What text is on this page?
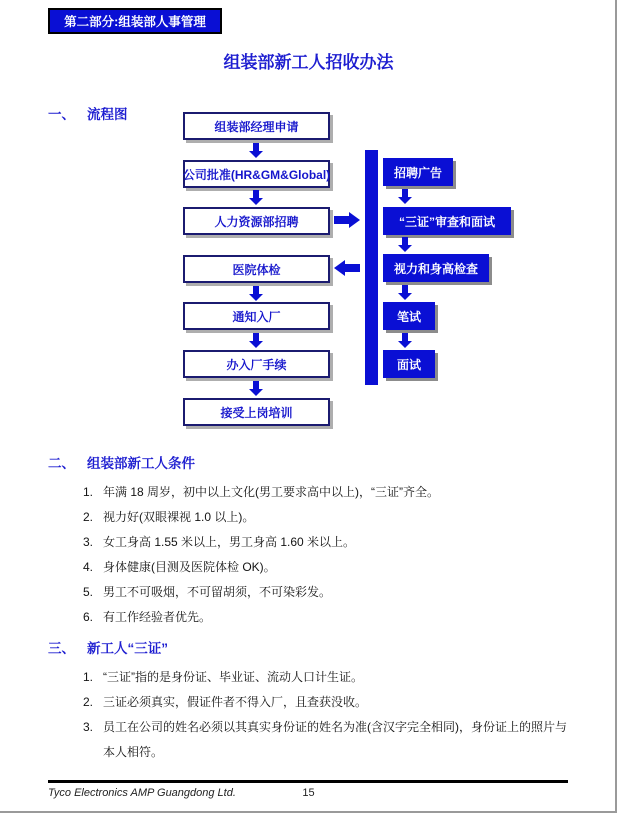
第二部分:组装部人事管理
组装部新工人招收办法
一、 流程图
组装部经理申请
公司批准(HR&GM&Global)
人力资源部招聘
医院体检
通知入厂
办入厂手续
接受上岗培训
招聘广告
“三证”审查和面试
视力和身高检查
笔试
面试
二、 组装部新工人条件
1. 年满 18 周岁，初中以上文化(男工要求高中以上)，“三证”齐全。
2. 视力好(双眼裸视 1.0 以上)。
3. 女工身高 1.55 米以上，男工身高 1.60 米以上。
4. 身体健康(目测及医院体检 OK)。
5. 男工不可吸烟，不可留胡须，不可染彩发。
6. 有工作经验者优先。
三、 新工人“三证”
1. “三证”指的是身份证、毕业证、流动人口计生证。
2. 三证必须真实，假证件者不得入厂，且查获没收。
3. 员工在公司的姓名必须以其真实身份证的姓名为准(含汉字完全相同)，身份证上的照片与本人相符。
Tyco Electronics AMP Guangdong Ltd.	15
